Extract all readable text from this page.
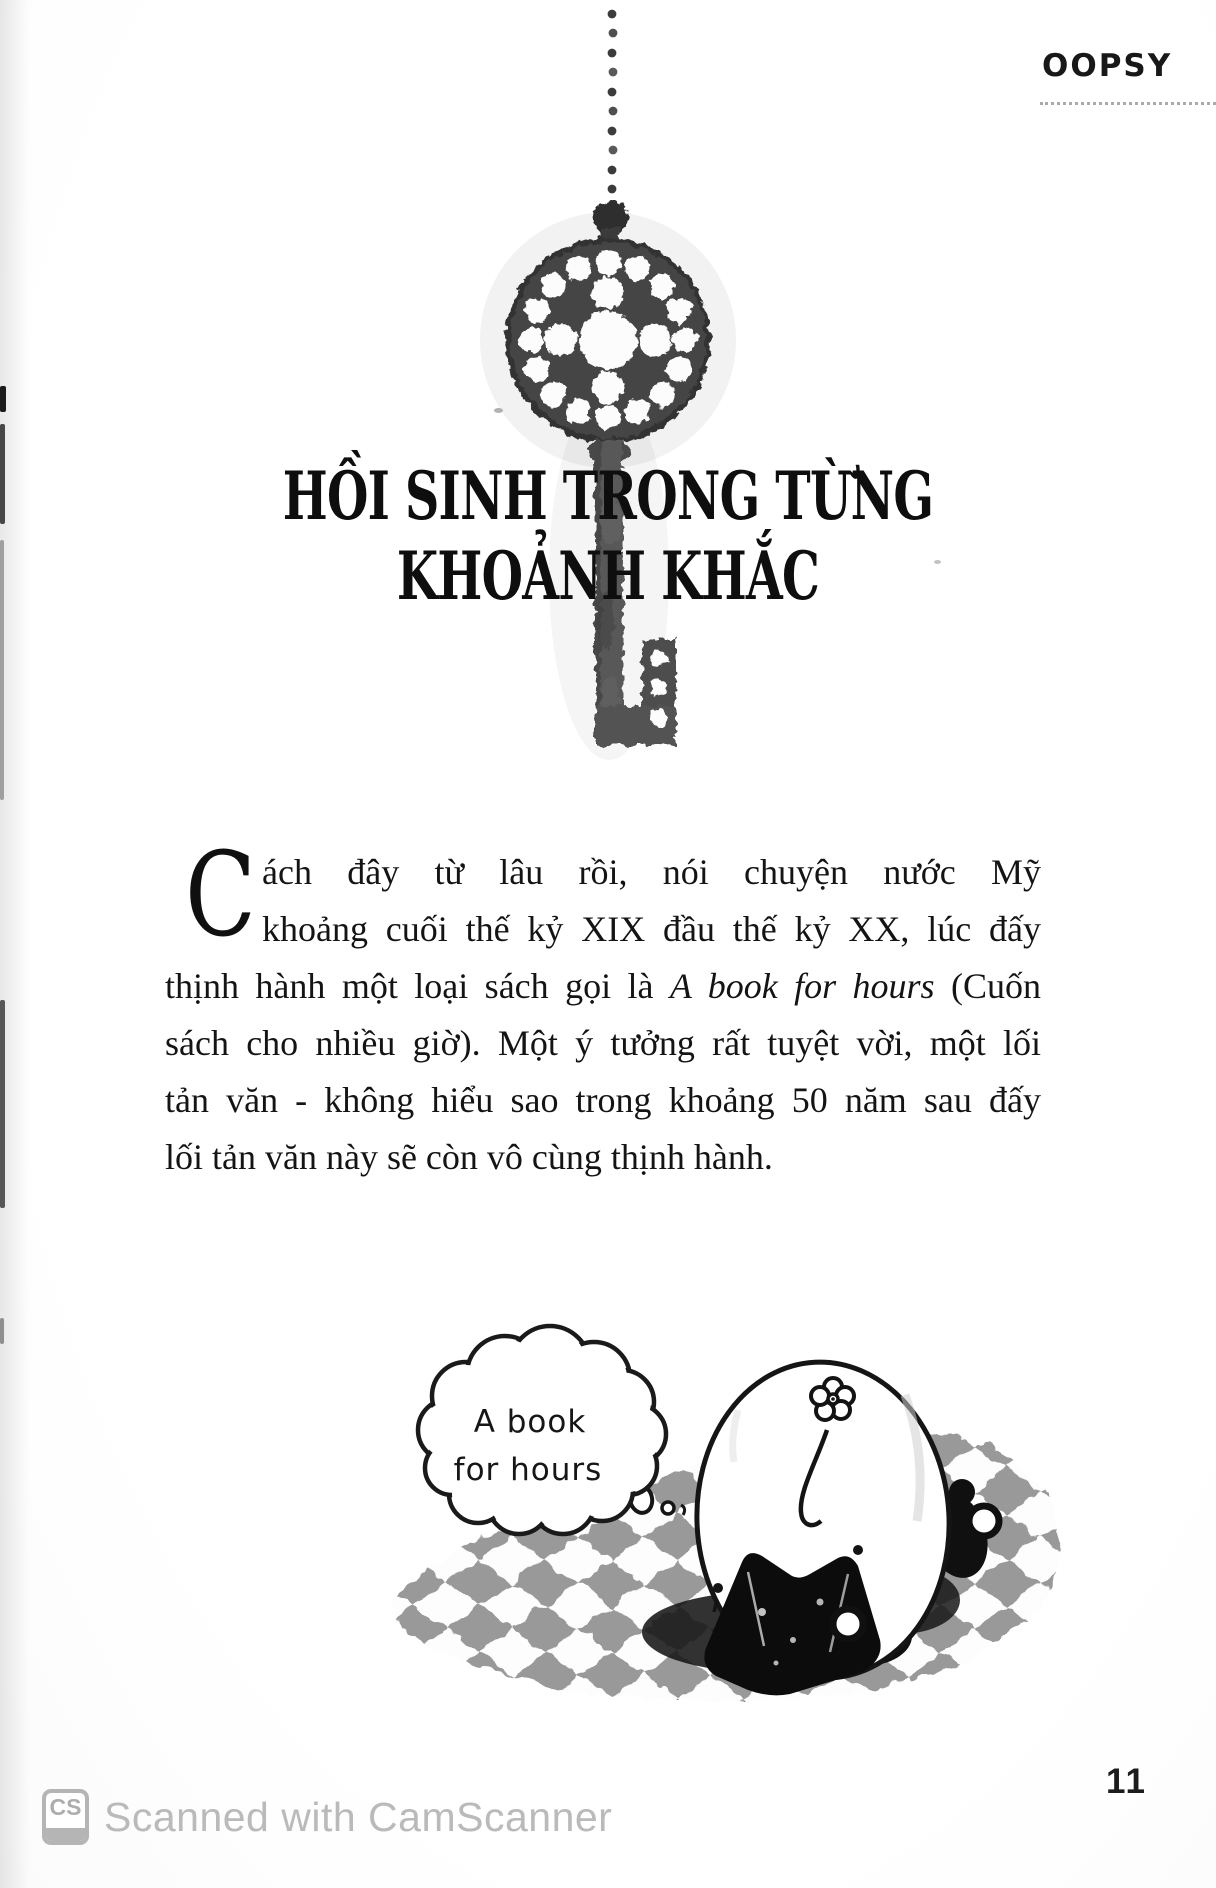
OOPSY
HỒI SINH TRONG TỪNG
KHOẢNH KHẮC
C ách đây từ lâu rồi, nói chuyện nước Mỹ
khoảng cuối thế kỷ XIX đầu thế kỷ XX, lúc đấy
thịnh hành một loại sách gọi là A book for hours (Cuốn
sách cho nhiều giờ). Một ý tưởng rất tuyệt vời, một lối
tản văn - không hiểu sao trong khoảng 50 năm sau đấy
lối tản văn này sẽ còn vô cùng thịnh hành.
A book
for hours
11
CS Scanned with CamScanner
